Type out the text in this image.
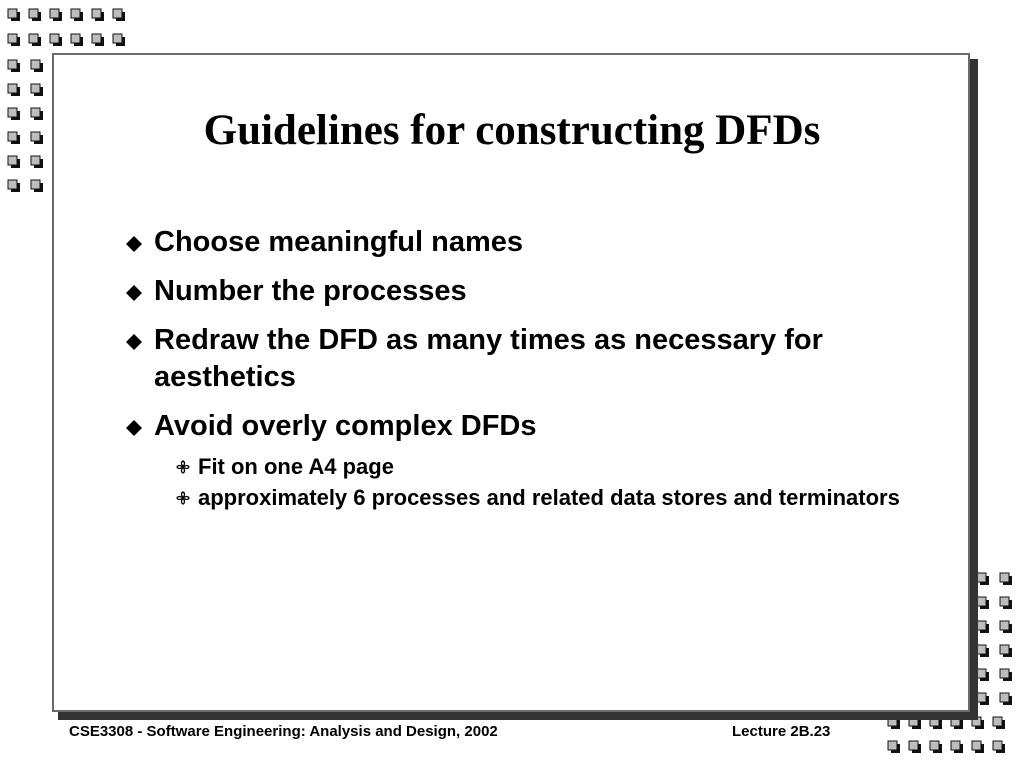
Guidelines for constructing DFDs
Choose meaningful names
Number the processes
Redraw the DFD as many times as necessary for aesthetics
Avoid overly complex DFDs
Fit on one A4 page
approximately 6 processes and related data stores and terminators
CSE3308 - Software Engineering: Analysis and Design, 2002	Lecture 2B.23
